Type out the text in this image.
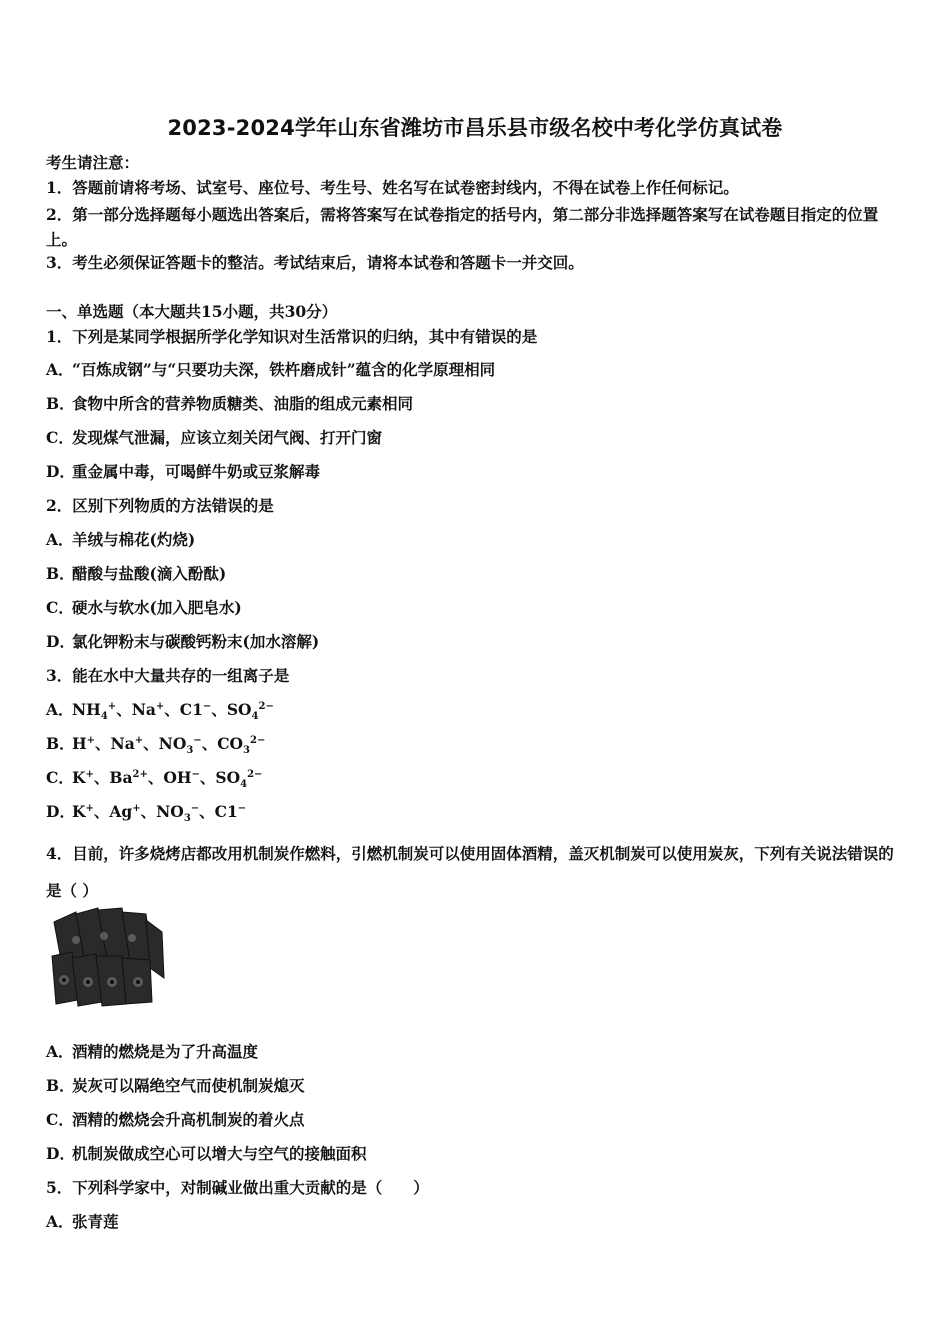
2023-2024学年山东省潍坊市昌乐县市级名校中考化学仿真试卷
考生请注意：
1．答题前请将考场、试室号、座位号、考生号、姓名写在试卷密封线内，不得在试卷上作任何标记。
2．第一部分选择题每小题选出答案后，需将答案写在试卷指定的括号内，第二部分非选择题答案写在试卷题目指定的位置上。
3．考生必须保证答题卡的整洁。考试结束后，请将本试卷和答题卡一并交回。
一、单选题（本大题共15小题，共30分）
1．下列是某同学根据所学化学知识对生活常识的归纳，其中有错误的是
A．“百炼成钢”与“只要功夫深，铁杵磨成针”蕴含的化学原理相同
B．食物中所含的营养物质糖类、油脂的组成元素相同
C．发现煤气泄漏，应该立刻关闭气阀、打开门窗
D．重金属中毒，可喝鲜牛奶或豆浆解毒
2．区别下列物质的方法错误的是
A．羊绒与棉花(灼烧)
B．醋酸与盐酸(滴入酚酞)
C．硬水与软水(加入肥皂水)
D．氯化钾粉末与碳酸钙粉末(加水溶解)
3．能在水中大量共存的一组离子是
A．$NH_4^+$、Na+、C1−、$SO_4^{2-}$
B．H+、Na+、$NO_3^-$、$CO_3^{2-}$
C．K+、$Ba^{2+}$、OH−、$SO_4^{2-}$
D．K+、Ag+、$NO_3^-$、C1−
4．目前，许多烧烤店都改用机制炭作燃料，引燃机制炭可以使用固体酒精，盖灭机制炭可以使用炭灰，下列有关说法错误的是（ ）
A．酒精的燃烧是为了升高温度
B．炭灰可以隔绝空气而使机制炭熄灭
C．酒精的燃烧会升高机制炭的着火点
D．机制炭做成空心可以增大与空气的接触面积
5．下列科学家中，对制碱业做出重大贡献的是（　　）
A．张青莲
